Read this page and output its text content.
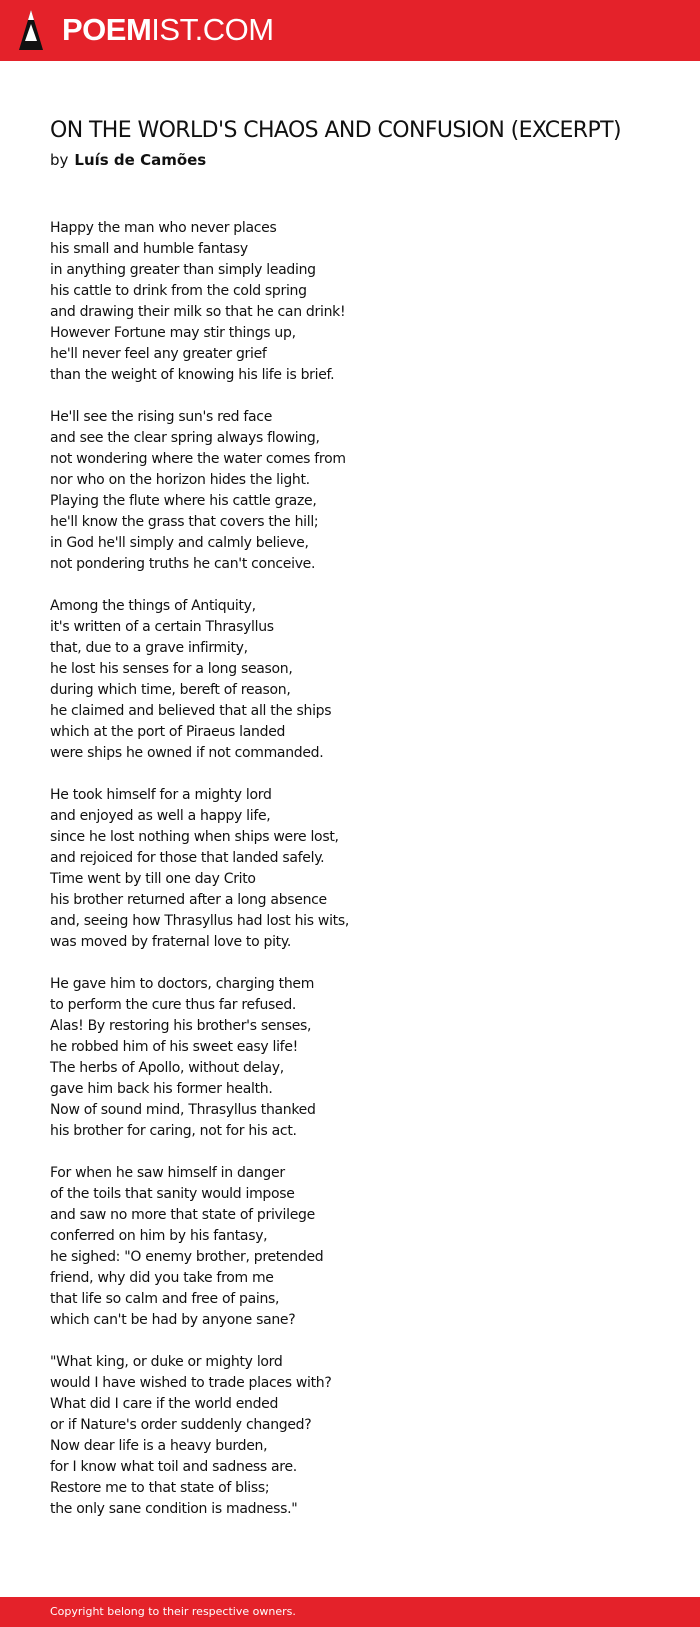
POEMIST.COM
ON THE WORLD'S CHAOS AND CONFUSION (EXCERPT)
by Luís de Camões
Happy the man who never places
his small and humble fantasy
in anything greater than simply leading
his cattle to drink from the cold spring
and drawing their milk so that he can drink!
However Fortune may stir things up,
he'll never feel any greater grief
than the weight of knowing his life is brief.
He'll see the rising sun's red face
and see the clear spring always flowing,
not wondering where the water comes from
nor who on the horizon hides the light.
Playing the flute where his cattle graze,
he'll know the grass that covers the hill;
in God he'll simply and calmly believe,
not pondering truths he can't conceive.
Among the things of Antiquity,
it's written of a certain Thrasyllus
that, due to a grave infirmity,
he lost his senses for a long season,
during which time, bereft of reason,
he claimed and believed that all the ships
which at the port of Piraeus landed
were ships he owned if not commanded.
He took himself for a mighty lord
and enjoyed as well a happy life,
since he lost nothing when ships were lost,
and rejoiced for those that landed safely.
Time went by till one day Crito
his brother returned after a long absence
and, seeing how Thrasyllus had lost his wits,
was moved by fraternal love to pity.
He gave him to doctors, charging them
to perform the cure thus far refused.
Alas! By restoring his brother's senses,
he robbed him of his sweet easy life!
The herbs of Apollo, without delay,
gave him back his former health.
Now of sound mind, Thrasyllus thanked
his brother for caring, not for his act.
For when he saw himself in danger
of the toils that sanity would impose
and saw no more that state of privilege
conferred on him by his fantasy,
he sighed: "O enemy brother, pretended
friend, why did you take from me
that life so calm and free of pains,
which can't be had by anyone sane?
"What king, or duke or mighty lord
would I have wished to trade places with?
What did I care if the world ended
or if Nature's order suddenly changed?
Now dear life is a heavy burden,
for I know what toil and sadness are.
Restore me to that state of bliss;
the only sane condition is madness."
Copyright belong to their respective owners.
